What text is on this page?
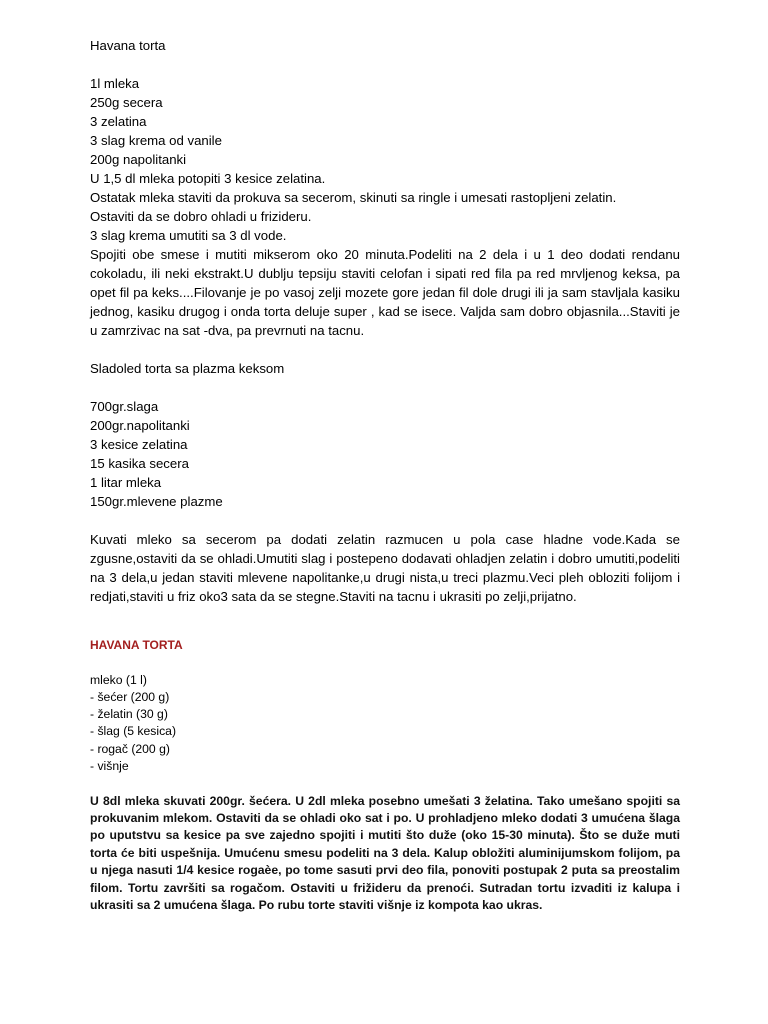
Havana torta
1l mleka
250g secera
3 zelatina
3 slag krema od vanile
200g napolitanki
U 1,5 dl mleka potopiti 3 kesice zelatina.
Ostatak mleka staviti da prokuva sa secerom, skinuti sa ringle i umesati rastopljeni zelatin.
Ostaviti da se dobro ohladi u frizideru.
3 slag krema umutiti sa 3 dl vode.

Spojiti obe smese i mutiti mikserom oko 20 minuta.Podeliti na 2 dela i u 1 deo dodati rendanu cokoladu, ili neki ekstrakt.U dublju tepsiju staviti celofan i sipati red fila pa red mrvljenog keksa, pa opet fil pa keks....Filovanje je po vasoj zelji mozete gore jedan fil dole drugi ili ja sam stavljala kasiku jednog, kasiku drugog i onda torta deluje super , kad se isece. Valjda sam dobro objasnila...Staviti je u zamrzivac na sat -dva, pa prevrnuti na tacnu.

Sladoled torta sa plazma keksom
700gr.slaga
200gr.napolitanki
3 kesice zelatina
15 kasika secera
1 litar mleka
150gr.mlevene plazme

Kuvati mleko sa secerom pa dodati zelatin razmucen u pola case hladne vode.Kada se zgusne,ostaviti da se ohladi.Umutiti slag i postepeno dodavati ohladjen zelatin i dobro umutiti,podeliti na 3 dela,u jedan staviti mlevene napolitanke,u drugi nista,u treci plazmu.Veci pleh obloziti folijom i redjati,staviti u friz oko3 sata da se stegne.Staviti na tacnu i ukrasiti po zelji,prijatno.

HAVANA TORTA
mleko (1 l)
- šećer (200 g)
- želatin (30 g)
- šlag (5 kesica)
- rogač (200 g)
- višnje

U 8dl mleka skuvati 200gr. šećera. U 2dl mleka posebno umešati 3 želatina. Tako umešano spojiti sa prokuvanim mlekom. Ostaviti da se ohladi oko sat i po. U prohladjeno mleko dodati 3 umućena šlaga po uputstvu sa kesice pa sve zajedno spojiti i mutiti što duže (oko 15-30 minuta). Što se duže muti torta će biti uspešnija. Umućenu smesu podeliti na 3 dela. Kalup obložiti aluminijumskom folijom, pa u njega nasuti 1/4 kesice rogaèe, po tome sasuti prvi deo fila, ponoviti postupak 2 puta sa preostalim filom. Tortu završiti sa rogačom. Ostaviti u frižideru da prenoći. Sutradan tortu izvaditi iz kalupa i ukrasiti sa 2 umućena šlaga. Po rubu torte staviti višnje iz kompota kao ukras.
